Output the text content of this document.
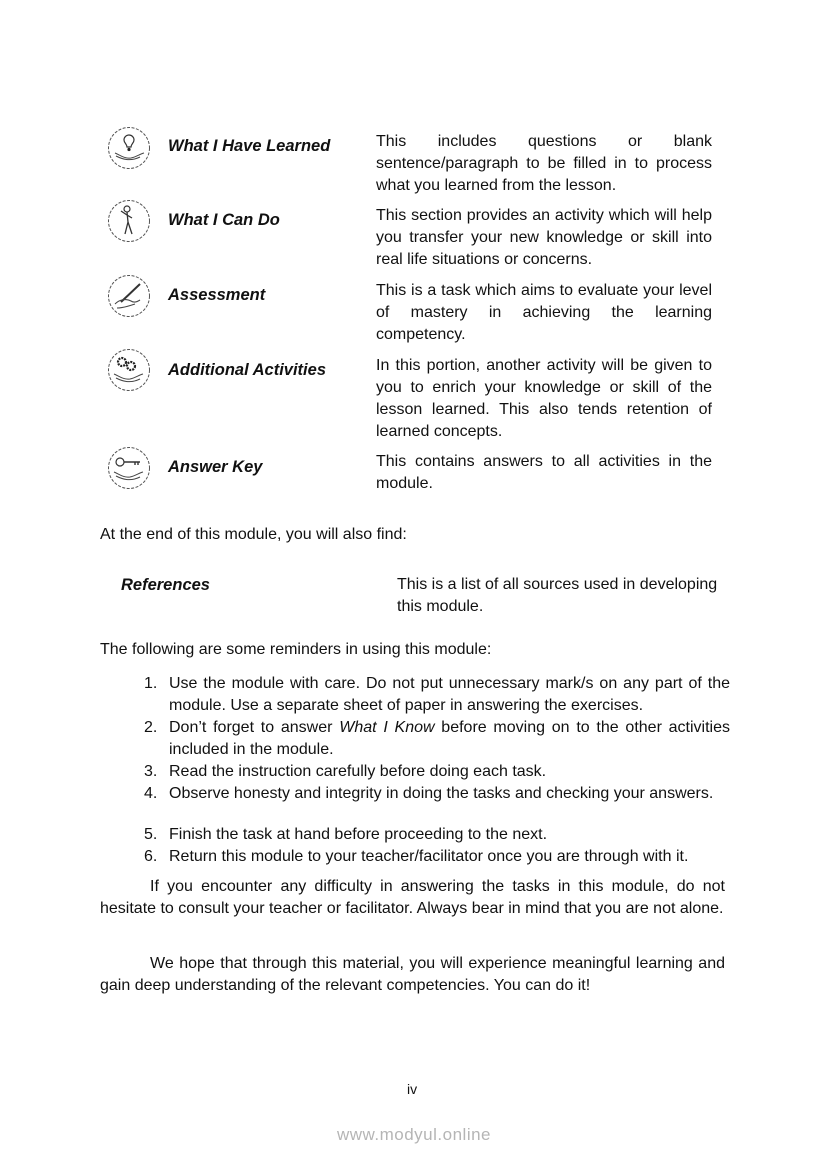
What I Have Learned	This includes questions or blank sentence/paragraph to be filled in to process what you learned from the lesson.
What I Can Do	This section provides an activity which will help you transfer your new knowledge or skill into real life situations or concerns.
Assessment	This is a task which aims to evaluate your level of mastery in achieving the learning competency.
Additional Activities	In this portion, another activity will be given to you to enrich your knowledge or skill of the lesson learned. This also tends retention of learned concepts.
Answer Key	This contains answers to all activities in the module.
At the end of this module, you will also find:
References	This is a list of all sources used in developing this module.
The following are some reminders in using this module:
1. Use the module with care. Do not put unnecessary mark/s on any part of the module. Use a separate sheet of paper in answering the exercises.
2. Don’t forget to answer What I Know before moving on to the other activities included in the module.
3. Read the instruction carefully before doing each task.
4. Observe honesty and integrity in doing the tasks and checking your answers.
5. Finish the task at hand before proceeding to the next.
6. Return this module to your teacher/facilitator once you are through with it.
If you encounter any difficulty in answering the tasks in this module, do not hesitate to consult your teacher or facilitator. Always bear in mind that you are not alone.
We hope that through this material, you will experience meaningful learning and gain deep understanding of the relevant competencies. You can do it!
iv
www.modyul.online
